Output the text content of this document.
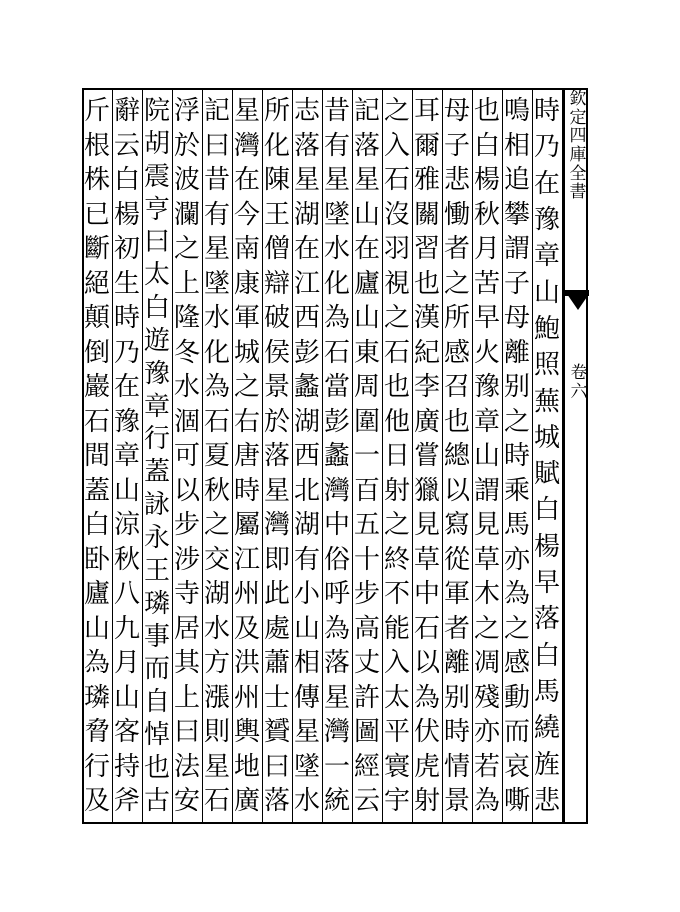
欽
定
四
庫
全
書
卷
六
時
乃
在
豫
章
山
鮑
照
蕪
城
賦
白
楊
早
落
白
馬
繞
旌
悲
鳴
相
追
攀
謂
子
母
離
别
之
時
乘
馬
亦
為
之
感
動
而
哀
嘶
也
白
楊
秋
月
苦
早
火
豫
章
山
謂
見
草
木
之
凋
殘
亦
若
為
母
子
悲
慟
者
之
所
感
召
也
總
以
寫
從
軍
者
離
别
時
情
景
耳
爾
雅
關
習
也
漢
紀
李
廣
嘗
獵
見
草
中
石
以
為
伏
虎
射
之
入
石
沒
羽
視
之
石
也
他
日
射
之
終
不
能
入
太
平
寰
宇
記
落
星
山
在
廬
山
東
周
圍
一
百
五
十
步
高
丈
許
圖
經
云
昔
有
星
墜
水
化
為
石
當
彭
蠡
灣
中
俗
呼
為
落
星
灣
一
統
志
落
星
湖
在
江
西
彭
蠡
湖
西
北
湖
有
小
山
相
傳
星
墜
水
所
化
陳
王
僧
辯
破
侯
景
於
落
星
灣
即
此
處
蕭
士
贇
曰
落
星
灣
在
今
南
康
軍
城
之
右
唐
時
屬
江
州
及
洪
州
輿
地
廣
記
曰
昔
有
星
墜
水
化
為
石
夏
秋
之
交
湖
水
方
漲
則
星
石
浮
於
波
瀾
之
上
隆
冬
水
涸
可
以
步
涉
寺
居
其
上
曰
法
安
院
胡
震
亨
曰
太
白
遊
豫
章
行
蓋
詠
永
王
璘
事
而
自
悼
也
古
辭
云
白
楊
初
生
時
乃
在
豫
章
山
涼
秋
八
九
月
山
客
持
斧
斤
根
株
已
斷
絕
顛
倒
巖
石
間
蓋
白
卧
廬
山
為
璘
脅
行
及
